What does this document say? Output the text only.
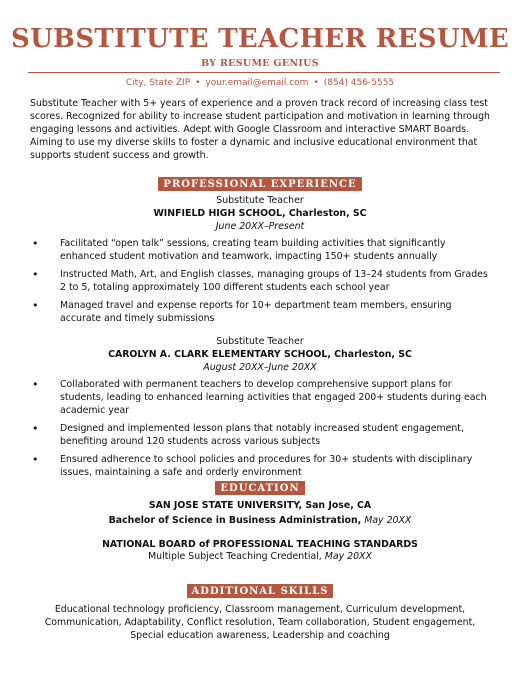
SUBSTITUTE TEACHER RESUME
BY RESUME GENIUS
City, State ZIP • your.email@email.com • (854) 456-5555

Substitute Teacher with 5+ years of experience and a proven track record of increasing class test scores. Recognized for ability to increase student participation and motivation in learning through engaging lessons and activities. Adept with Google Classroom and interactive SMART Boards. Aiming to use my diverse skills to foster a dynamic and inclusive educational environment that supports student success and growth.

PROFESSIONAL EXPERIENCE
Substitute Teacher
WINFIELD HIGH SCHOOL, Charleston, SC
June 20XX–Present
• Facilitated “open talk” sessions, creating team building activities that significantly enhanced student motivation and teamwork, impacting 150+ students annually
• Instructed Math, Art, and English classes, managing groups of 13–24 students from Grades 2 to 5, totaling approximately 100 different students each school year
• Managed travel and expense reports for 10+ department team members, ensuring accurate and timely submissions
Substitute Teacher
CAROLYN A. CLARK ELEMENTARY SCHOOL, Charleston, SC
August 20XX–June 20XX
• Collaborated with permanent teachers to develop comprehensive support plans for students, leading to enhanced learning activities that engaged 200+ students during each academic year
• Designed and implemented lesson plans that notably increased student engagement, benefiting around 120 students across various subjects
• Ensured adherence to school policies and procedures for 30+ students with disciplinary issues, maintaining a safe and orderly environment
EDUCATION
SAN JOSE STATE UNIVERSITY, San Jose, CA
Bachelor of Science in Business Administration, May 20XX
NATIONAL BOARD of PROFESSIONAL TEACHING STANDARDS
Multiple Subject Teaching Credential, May 20XX
ADDITIONAL SKILLS

Educational technology proficiency, Classroom management, Curriculum development, Communication, Adaptability, Conflict resolution, Team collaboration, Student engagement, Special education awareness, Leadership and coaching
